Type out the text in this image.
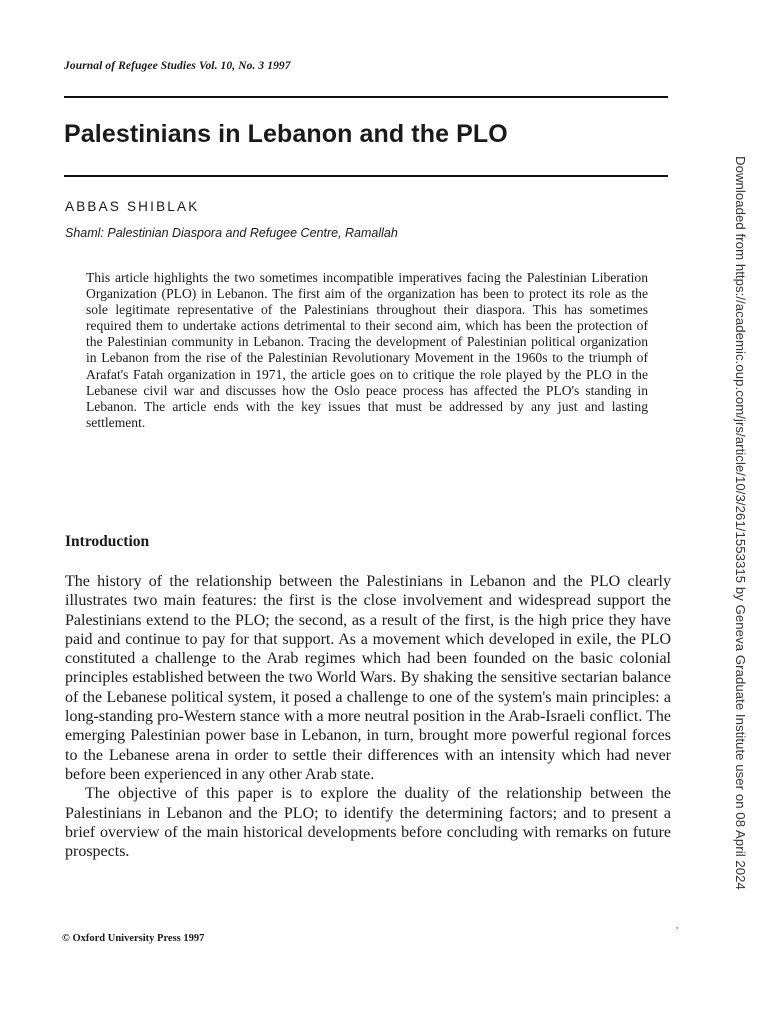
Journal of Refugee Studies Vol. 10, No. 3 1997
Palestinians in Lebanon and the PLO
ABBAS SHIBLAK
Shaml: Palestinian Diaspora and Refugee Centre, Ramallah
This article highlights the two sometimes incompatible imperatives facing the Palestinian Liberation Organization (PLO) in Lebanon. The first aim of the organization has been to protect its role as the sole legitimate representative of the Palestinians throughout their diaspora. This has sometimes required them to undertake actions detrimental to their second aim, which has been the protection of the Palestinian community in Lebanon. Tracing the development of Palestinian political organization in Lebanon from the rise of the Palestinian Revolutionary Movement in the 1960s to the triumph of Arafat's Fatah organization in 1971, the article goes on to critique the role played by the PLO in the Lebanese civil war and discusses how the Oslo peace process has affected the PLO's standing in Lebanon. The article ends with the key issues that must be addressed by any just and lasting settlement.
Introduction

The history of the relationship between the Palestinians in Lebanon and the PLO clearly illustrates two main features: the first is the close involvement and widespread support the Palestinians extend to the PLO; the second, as a result of the first, is the high price they have paid and continue to pay for that support. As a movement which developed in exile, the PLO constituted a challenge to the Arab regimes which had been founded on the basic colonial principles established between the two World Wars. By shaking the sensitive sectarian balance of the Lebanese political system, it posed a challenge to one of the system's main principles: a long-standing pro-Western stance with a more neutral position in the Arab-Israeli conflict. The emerging Palestinian power base in Lebanon, in turn, brought more powerful regional forces to the Lebanese arena in order to settle their differences with an intensity which had never before been experienced in any other Arab state.

The objective of this paper is to explore the duality of the relationship between the Palestinians in Lebanon and the PLO; to identify the determining factors; and to present a brief overview of the main historical developments before concluding with remarks on future prospects.

© Oxford University Press 1997
,
Downloaded from https://academic.oup.com/jrs/article/10/3/261/1553315 by Geneva Graduate Institute user on 08 April 2024
